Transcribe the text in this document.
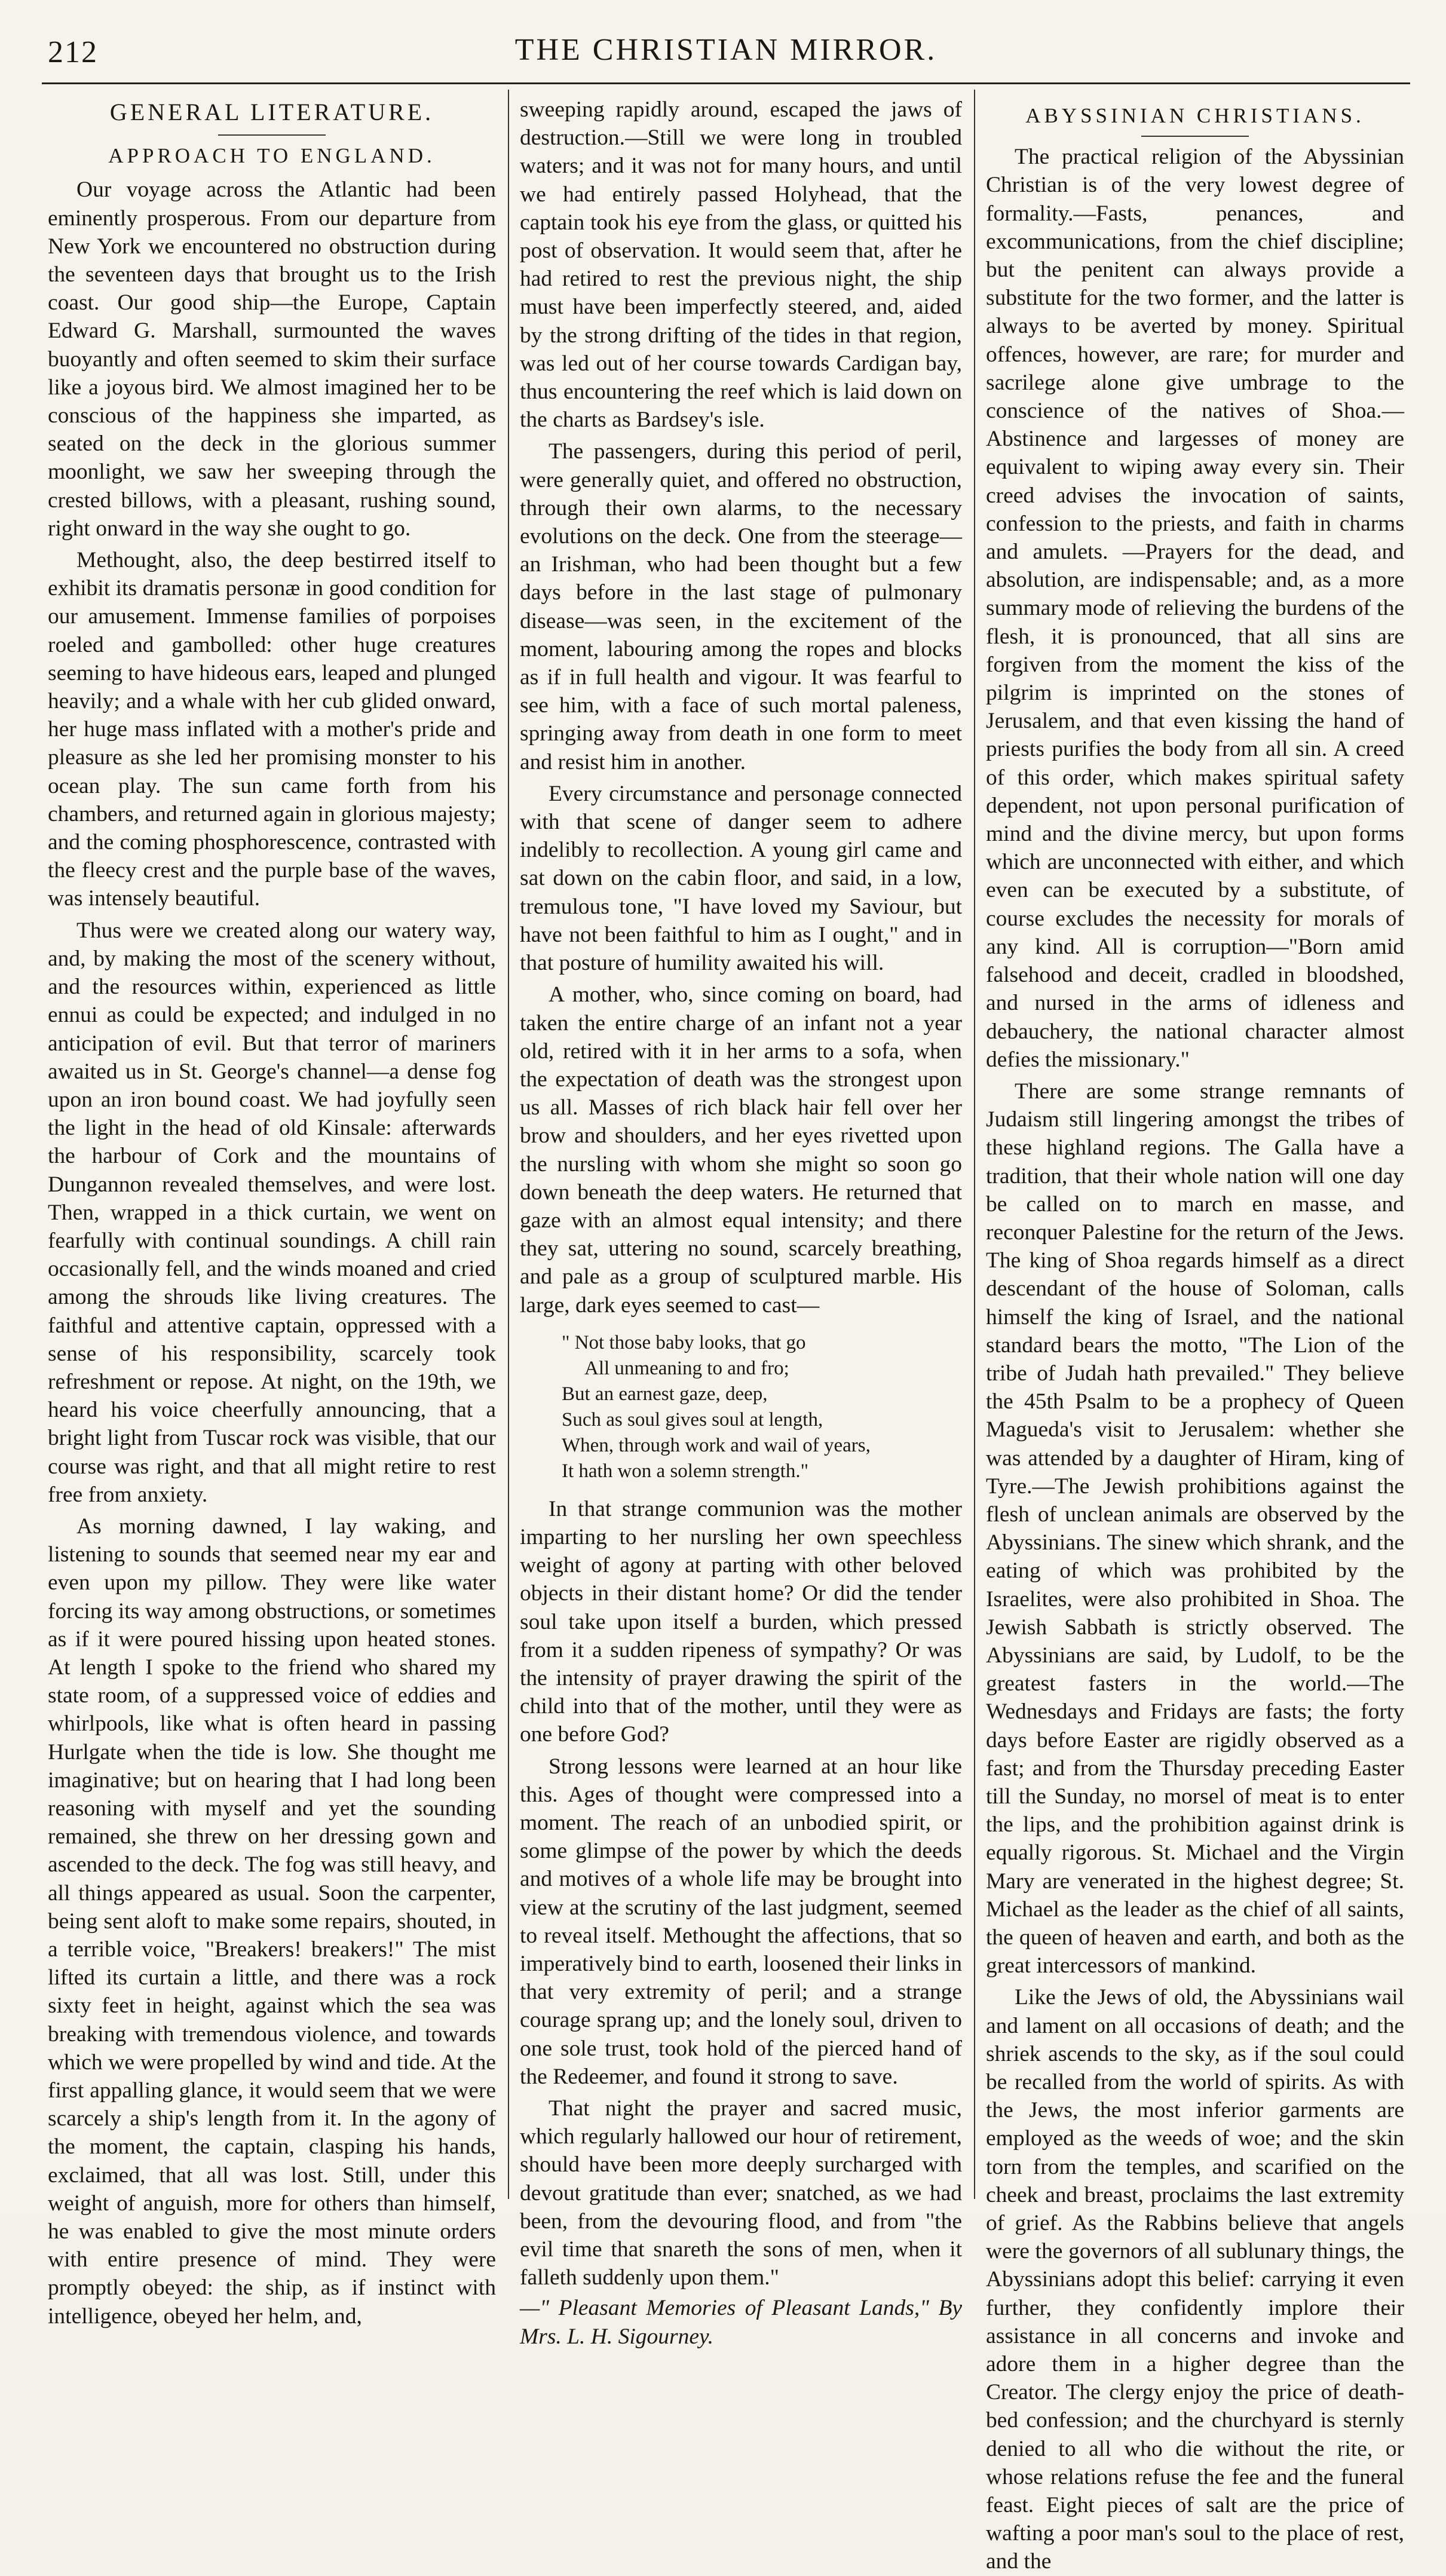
212	THE CHRISTIAN MIRROR.
GENERAL LITERATURE.
APPROACH TO ENGLAND.

Our voyage across the Atlantic had been eminently prosperous. From our departure from New York we encountered no obstruction during the seventeen days that brought us to the Irish coast. Our good ship—the Europe, Captain Edward G. Marshall, surmounted the waves buoyantly and often seemed to skim their surface like a joyous bird. We almost imagined her to be conscious of the happiness she imparted, as seated on the deck in the glorious summer moonlight, we saw her sweeping through the crested billows, with a pleasant, rushing sound, right onward in the way she ought to go.

Methought, also, the deep bestirred itself to exhibit its dramatis personæ in good condition for our amusement. Immense families of porpoises roeled and gambolled: other huge creatures seeming to have hideous ears, leaped and plunged heavily; and a whale with her cub glided onward, her huge mass inflated with a mother's pride and pleasure as she led her promising monster to his ocean play. The sun came forth from his chambers, and returned again in glorious majesty; and the coming phosphorescence, contrasted with the fleecy crest and the purple base of the waves, was intensely beautiful.

Thus were we created along our watery way, and, by making the most of the scenery without, and the resources within, experienced as little ennui as could be expected; and indulged in no anticipation of evil. But that terror of mariners awaited us in St. George's channel—a dense fog upon an iron bound coast. We had joyfully seen the light in the head of old Kinsale: afterwards the harbour of Cork and the mountains of Dungannon revealed themselves, and were lost. Then, wrapped in a thick curtain, we went on fearfully with continual soundings. A chill rain occasionally fell, and the winds moaned and cried among the shrouds like living creatures. The faithful and attentive captain, oppressed with a sense of his responsibility, scarcely took refreshment or repose. At night, on the 19th, we heard his voice cheerfully announcing, that a bright light from Tuscar rock was visible, that our course was right, and that all might retire to rest free from anxiety.

As morning dawned, I lay waking, and listening to sounds that seemed near my ear and even upon my pillow. They were like water forcing its way among obstructions, or sometimes as if it were poured hissing upon heated stones. At length I spoke to the friend who shared my state room, of a suppressed voice of eddies and whirlpools, like what is often heard in passing Hurlgate when the tide is low. She thought me imaginative; but on hearing that I had long been reasoning with myself and yet the sounding remained, she threw on her dressing gown and ascended to the deck. The fog was still heavy, and all things appeared as usual. Soon the carpenter, being sent aloft to make some repairs, shouted, in a terrible voice, "Breakers! breakers!" The mist lifted its curtain a little, and there was a rock sixty feet in height, against which the sea was breaking with tremendous violence, and towards which we were propelled by wind and tide. At the first appalling glance, it would seem that we were scarcely a ship's length from it. In the agony of the moment, the captain, clasping his hands, exclaimed, that all was lost. Still, under this weight of anguish, more for others than himself, he was enabled to give the most minute orders with entire presence of mind. They were promptly obeyed: the ship, as if instinct with intelligence, obeyed her helm, and,

sweeping rapidly around, escaped the jaws of destruction.—Still we were long in troubled waters; and it was not for many hours, and until we had entirely passed Holyhead, that the captain took his eye from the glass, or quitted his post of observation. It would seem that, after he had retired to rest the previous night, the ship must have been imperfectly steered, and, aided by the strong drifting of the tides in that region, was led out of her course towards Cardigan bay, thus encountering the reef which is laid down on the charts as Bardsey's isle.

The passengers, during this period of peril, were generally quiet, and offered no obstruction, through their own alarms, to the necessary evolutions on the deck. One from the steerage—an Irishman, who had been thought but a few days before in the last stage of pulmonary disease—was seen, in the excitement of the moment, labouring among the ropes and blocks as if in full health and vigour. It was fearful to see him, with a face of such mortal paleness, springing away from death in one form to meet and resist him in another.

Every circumstance and personage connected with that scene of danger seem to adhere indelibly to recollection. A young girl came and sat down on the cabin floor, and said, in a low, tremulous tone, "I have loved my Saviour, but have not been faithful to him as I ought," and in that posture of humility awaited his will.

A mother, who, since coming on board, had taken the entire charge of an infant not a year old, retired with it in her arms to a sofa, when the expectation of death was the strongest upon us all. Masses of rich black hair fell over her brow and shoulders, and her eyes rivetted upon the nursling with whom she might so soon go down beneath the deep waters. He returned that gaze with an almost equal intensity; and there they sat, uttering no sound, scarcely breathing, and pale as a group of sculptured marble. His large, dark eyes seemed to cast—

" Not those baby looks, that go
All unmeaning to and fro;
But an earnest gaze, deep,
Such as soul gives soul at length,
When, through work and wail of years,
It hath won a solemn strength."

In that strange communion was the mother imparting to her nursling her own speechless weight of agony at parting with other beloved objects in their distant home? Or did the tender soul take upon itself a burden, which pressed from it a sudden ripeness of sympathy? Or was the intensity of prayer drawing the spirit of the child into that of the mother, until they were as one before God?

Strong lessons were learned at an hour like this. Ages of thought were compressed into a moment. The reach of an unbodied spirit, or some glimpse of the power by which the deeds and motives of a whole life may be brought into view at the scrutiny of the last judgment, seemed to reveal itself. Methought the affections, that so imperatively bind to earth, loosened their links in that very extremity of peril; and a strange courage sprang up; and the lonely soul, driven to one sole trust, took hold of the pierced hand of the Redeemer, and found it strong to save.

That night the prayer and sacred music, which regularly hallowed our hour of retirement, should have been more deeply surcharged with devout gratitude than ever; snatched, as we had been, from the devouring flood, and from "the evil time that snareth the sons of men, when it falleth suddenly upon them."

—" Pleasant Memories of Pleasant Lands," By Mrs. L. H. Sigourney.

ABYSSINIAN CHRISTIANS.

The practical religion of the Abyssinian Christian is of the very lowest degree of formality.—Fasts, penances, and excommunications, from the chief discipline; but the penitent can always provide a substitute for the two former, and the latter is always to be averted by money. Spiritual offences, however, are rare; for murder and sacrilege alone give umbrage to the conscience of the natives of Shoa.—Abstinence and largesses of money are equivalent to wiping away every sin. Their creed advises the invocation of saints, confession to the priests, and faith in charms and amulets. —Prayers for the dead, and absolution, are indispensable; and, as a more summary mode of relieving the burdens of the flesh, it is pronounced, that all sins are forgiven from the moment the kiss of the pilgrim is imprinted on the stones of Jerusalem, and that even kissing the hand of priests purifies the body from all sin. A creed of this order, which makes spiritual safety dependent, not upon personal purification of mind and the divine mercy, but upon forms which are unconnected with either, and which even can be executed by a substitute, of course excludes the necessity for morals of any kind. All is corruption—"Born amid falsehood and deceit, cradled in bloodshed, and nursed in the arms of idleness and debauchery, the national character almost defies the missionary."

There are some strange remnants of Judaism still lingering amongst the tribes of these highland regions. The Galla have a tradition, that their whole nation will one day be called on to march en masse, and reconquer Palestine for the return of the Jews. The king of Shoa regards himself as a direct descendant of the house of Soloman, calls himself the king of Israel, and the national standard bears the motto, "The Lion of the tribe of Judah hath prevailed." They believe the 45th Psalm to be a prophecy of Queen Magueda's visit to Jerusalem: whether she was attended by a daughter of Hiram, king of Tyre.—The Jewish prohibitions against the flesh of unclean animals are observed by the Abyssinians. The sinew which shrank, and the eating of which was prohibited by the Israelites, were also prohibited in Shoa. The Jewish Sabbath is strictly observed. The Abyssinians are said, by Ludolf, to be the greatest fasters in the world.—The Wednesdays and Fridays are fasts; the forty days before Easter are rigidly observed as a fast; and from the Thursday preceding Easter till the Sunday, no morsel of meat is to enter the lips, and the prohibition against drink is equally rigorous. St. Michael and the Virgin Mary are venerated in the highest degree; St. Michael as the leader as the chief of all saints, the queen of heaven and earth, and both as the great intercessors of mankind.

Like the Jews of old, the Abyssinians wail and lament on all occasions of death; and the shriek ascends to the sky, as if the soul could be recalled from the world of spirits. As with the Jews, the most inferior garments are employed as the weeds of woe; and the skin torn from the temples, and scarified on the cheek and breast, proclaims the last extremity of grief. As the Rabbins believe that angels were the governors of all sublunary things, the Abyssinians adopt this belief: carrying it even further, they confidently implore their assistance in all concerns and invoke and adore them in a higher degree than the Creator. The clergy enjoy the price of death-bed confession; and the churchyard is sternly denied to all who die without the rite, or whose relations refuse the fee and the funeral feast. Eight pieces of salt are the price of wafting a poor man's soul to the place of rest, and the
